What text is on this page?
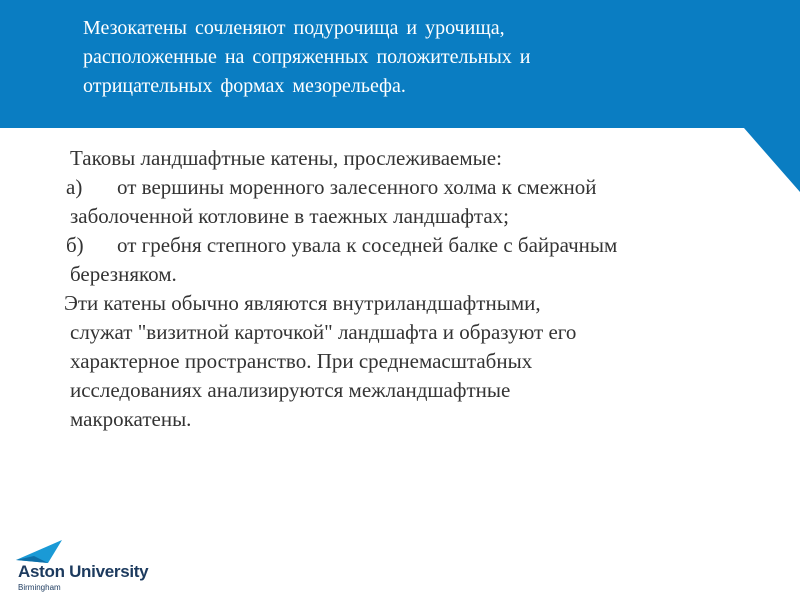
Мезокатены сочленяют подурочища и урочища,
расположенные на сопряженных положительных и
отрицательных формах мезорельефа.

Таковы ландшафтные катены, прослеживаемые:

а) от вершины моренного залесенного холма к смежной
заболоченной котловине в таежных ландшафтах;
б) от гребня степного увала к соседней балке с байрачным
березняком.
Эти катены обычно являются внутриландшафтными,
служат "визитной карточкой" ландшафта и образуют его
характерное пространство. При среднемасштабных
исследованиях анализируются межландшафтные
макрокатены.
Aston University
Birmingham
